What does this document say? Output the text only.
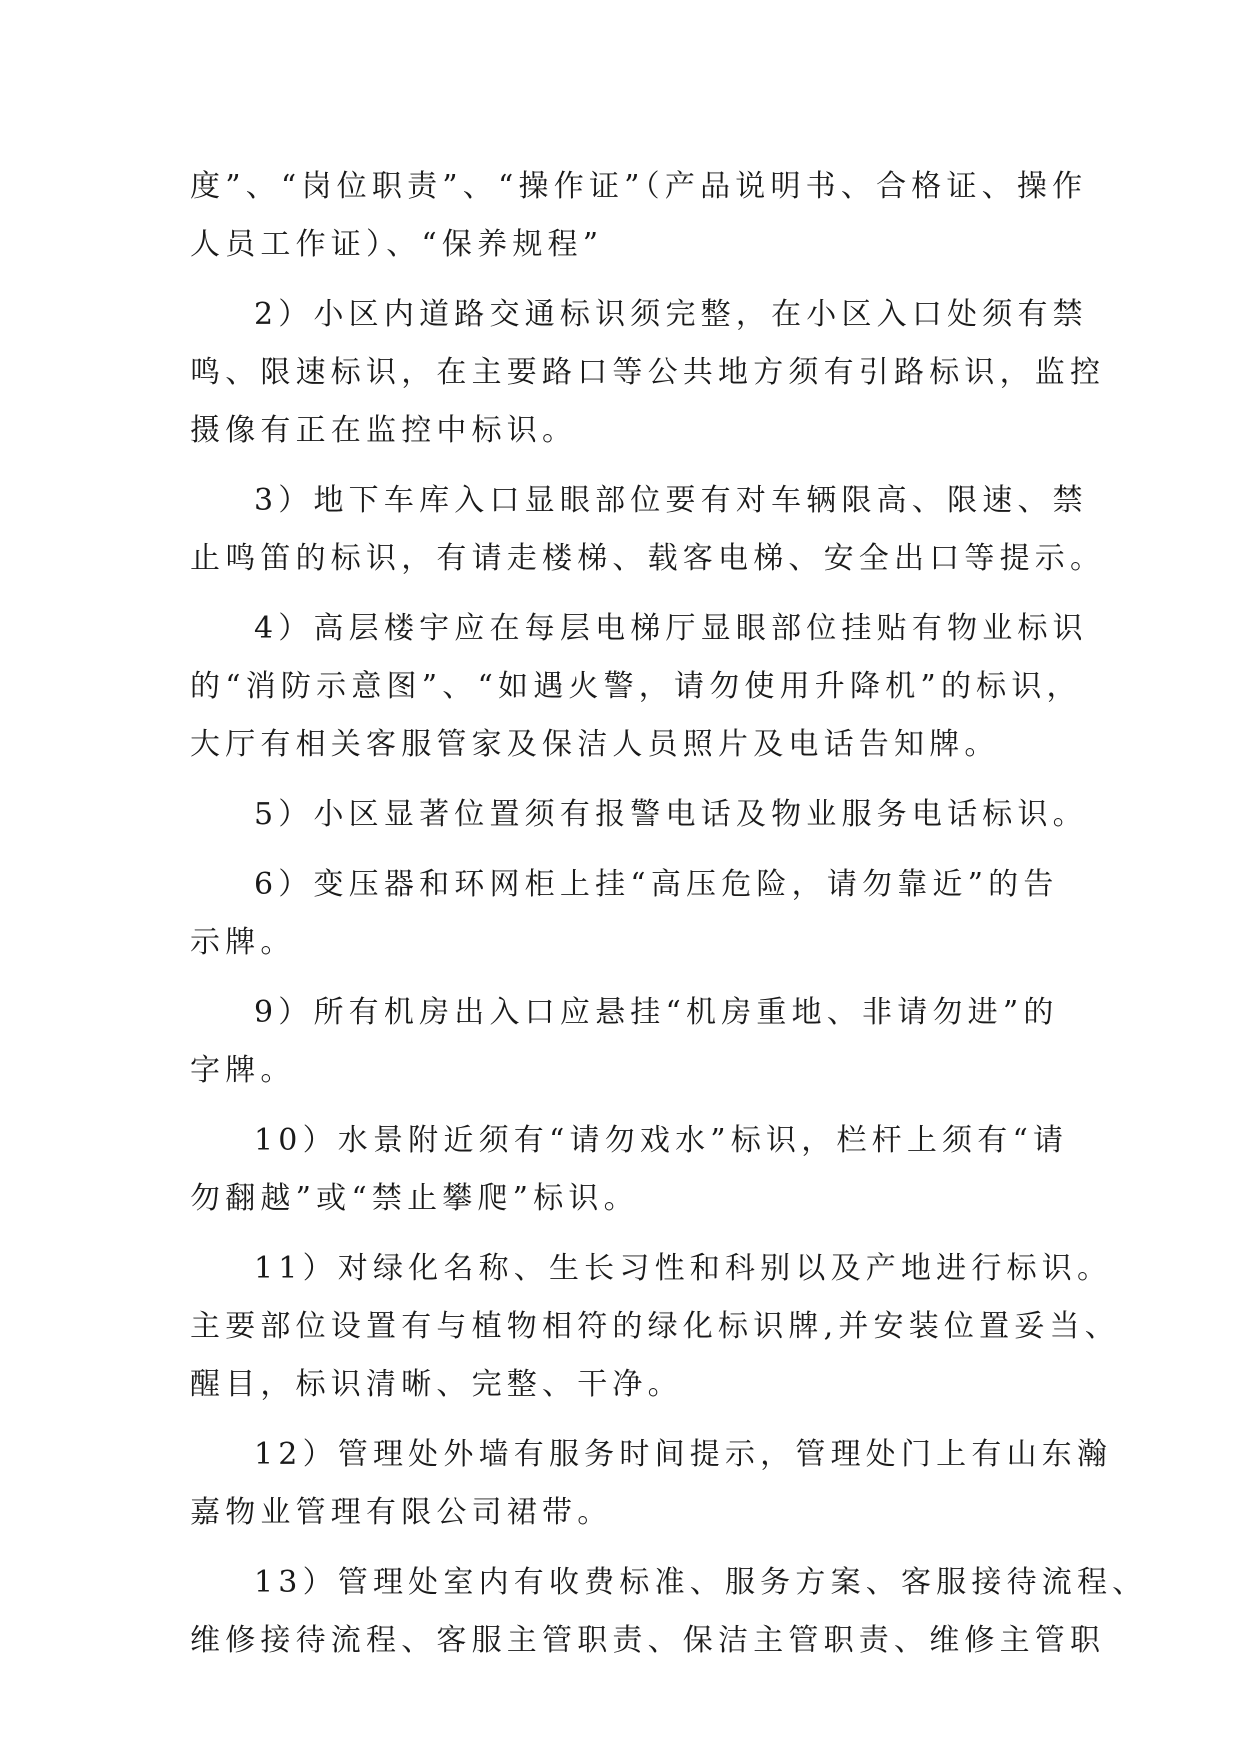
度”、“岗位职责”、“操作证”（产品说明书、合格证、操作
人员工作证）、“保养规程”
2）小区内道路交通标识须完整，在小区入口处须有禁
鸣、限速标识，在主要路口等公共地方须有引路标识，监控
摄像有正在监控中标识。
3）地下车库入口显眼部位要有对车辆限高、限速、禁
止鸣笛的标识，有请走楼梯、载客电梯、安全出口等提示。
4）高层楼宇应在每层电梯厅显眼部位挂贴有物业标识
的“消防示意图”、“如遇火警，请勿使用升降机”的标识，
大厅有相关客服管家及保洁人员照片及电话告知牌。
5）小区显著位置须有报警电话及物业服务电话标识。
6）变压器和环网柜上挂“高压危险，请勿靠近”的告
示牌。
9）所有机房出入口应悬挂“机房重地、非请勿进”的
字牌。
10）水景附近须有“请勿戏水”标识，栏杆上须有“请
勿翻越”或“禁止攀爬”标识。
11）对绿化名称、生长习性和科别以及产地进行标识。
主要部位设置有与植物相符的绿化标识牌,并安装位置妥当、
醒目，标识清晰、完整、干净。
12）管理处外墙有服务时间提示，管理处门上有山东瀚
嘉物业管理有限公司裙带。
13）管理处室内有收费标准、服务方案、客服接待流程、
维修接待流程、客服主管职责、保洁主管职责、维修主管职
